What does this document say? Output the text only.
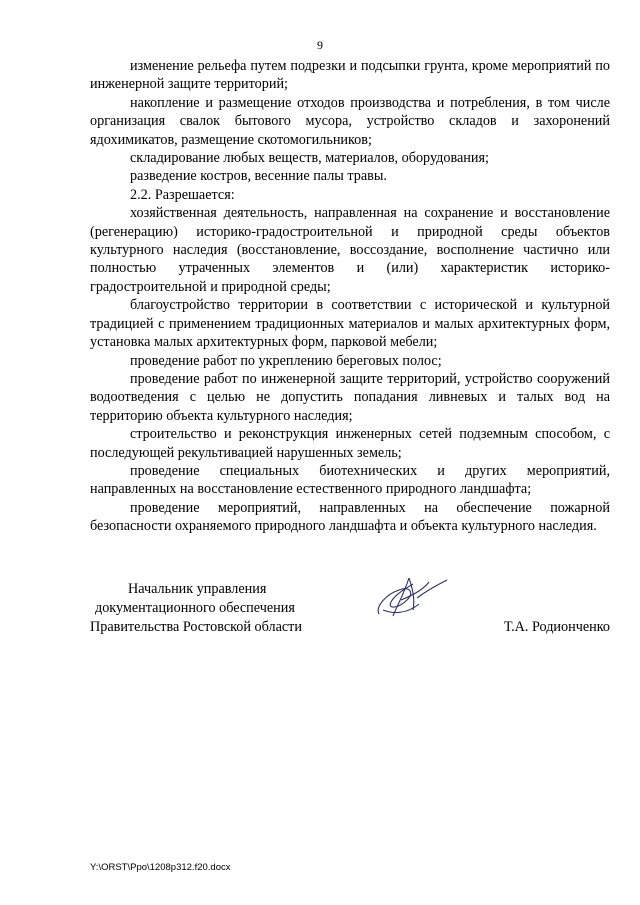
9

изменение рельефа путем подрезки и подсыпки грунта, кроме мероприятий по инженерной защите территорий;

накопление и размещение отходов производства и потребления, в том числе организация свалок бытового мусора, устройство складов и захоронений ядохимикатов, размещение скотомогильников;

складирование любых веществ, материалов, оборудования;

разведение костров, весенние палы травы.

2.2. Разрешается:

хозяйственная деятельность, направленная на сохранение и восстановление (регенерацию) историко-градостроительной и природной среды объектов культурного наследия (восстановление, воссоздание, восполнение частично или полностью утраченных элементов и (или) характеристик историко-градостроительной и природной среды;

благоустройство территории в соответствии с исторической и культурной традицией с применением традиционных материалов и малых архитектурных форм, установка малых архитектурных форм, парковой мебели;

проведение работ по укреплению береговых полос;

проведение работ по инженерной защите территорий, устройство сооружений водоотведения с целью не допустить попадания ливневых и талых вод на территорию объекта культурного наследия;

строительство и реконструкция инженерных сетей подземным способом, с последующей рекультивацией нарушенных земель;

проведение специальных биотехнических и других мероприятий, направленных на восстановление естественного природного ландшафта;

проведение мероприятий, направленных на обеспечение пожарной безопасности охраняемого природного ландшафта и объекта культурного наследия.

Начальник управления
документационного обеспечения
Правительства Ростовской области	Т.А. Родионченко
Y:\ORST\Ppo\1208p312.f20.docx
